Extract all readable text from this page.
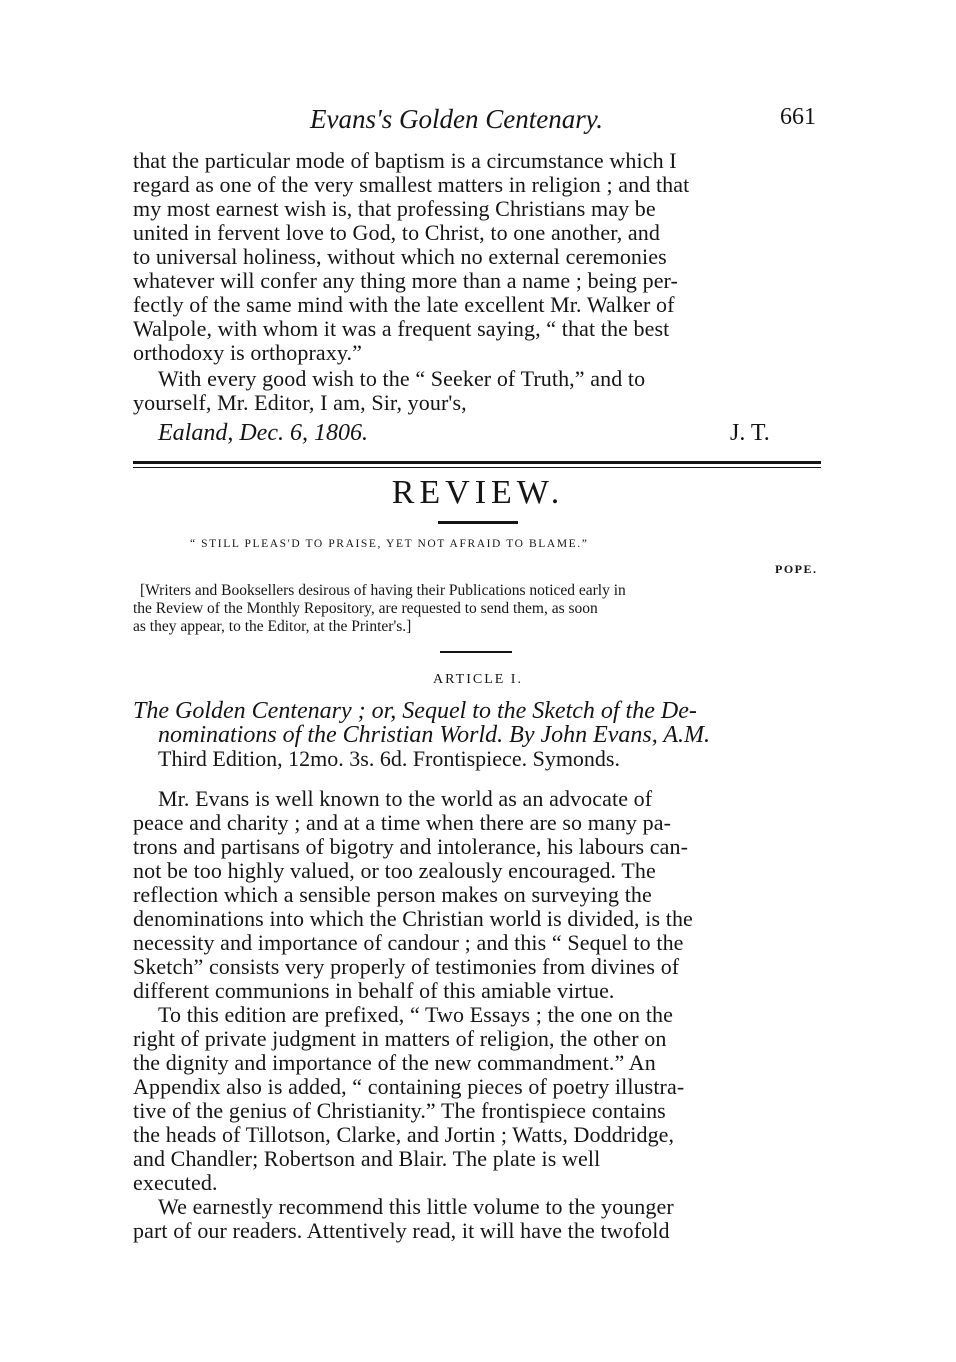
Evans's Golden Centenary.	661
that the particular mode of baptism is a circumstance which I
regard as one of the very smallest matters in religion ; and that
my most earnest wish is, that professing Christians may be
united in fervent love to God, to Christ, to one another, and
to universal holiness, without which no external ceremonies
whatever will confer any thing more than a name ; being per-
fectly of the same mind with the late excellent Mr. Walker of
Walpole, with whom it was a frequent saying, “ that the best
orthodoxy is orthopraxy.”
With every good wish to the “ Seeker of Truth,” and to
yourself, Mr. Editor, I am, Sir, your's,
Ealand, Dec. 6, 1806.	J. T.
REVIEW.
“ STILL PLEAS'D TO PRAISE, YET NOT AFRAID TO BLAME.”
POPE.
[Writers and Booksellers desirous of having their Publications noticed early in
the Review of the Monthly Repository, are requested to send them, as soon
as they appear, to the Editor, at the Printer's.]
ARTICLE I.
The Golden Centenary ; or, Sequel to the Sketch of the De-
nominations of the Christian World. By John Evans, A.M.
Third Edition, 12mo. 3s. 6d. Frontispiece. Symonds.
Mr. Evans is well known to the world as an advocate of
peace and charity ; and at a time when there are so many pa-
trons and partisans of bigotry and intolerance, his labours can-
not be too highly valued, or too zealously encouraged. The
reflection which a sensible person makes on surveying the
denominations into which the Christian world is divided, is the
necessity and importance of candour ; and this “ Sequel to the
Sketch” consists very properly of testimonies from divines of
different communions in behalf of this amiable virtue.
To this edition are prefixed, “ Two Essays ; the one on the
right of private judgment in matters of religion, the other on
the dignity and importance of the new commandment.” An
Appendix also is added, “ containing pieces of poetry illustra-
tive of the genius of Christianity.” The frontispiece contains
the heads of Tillotson, Clarke, and Jortin ; Watts, Doddridge,
and Chandler; Robertson and Blair. The plate is well
executed.
We earnestly recommend this little volume to the younger
part of our readers. Attentively read, it will have the twofold
